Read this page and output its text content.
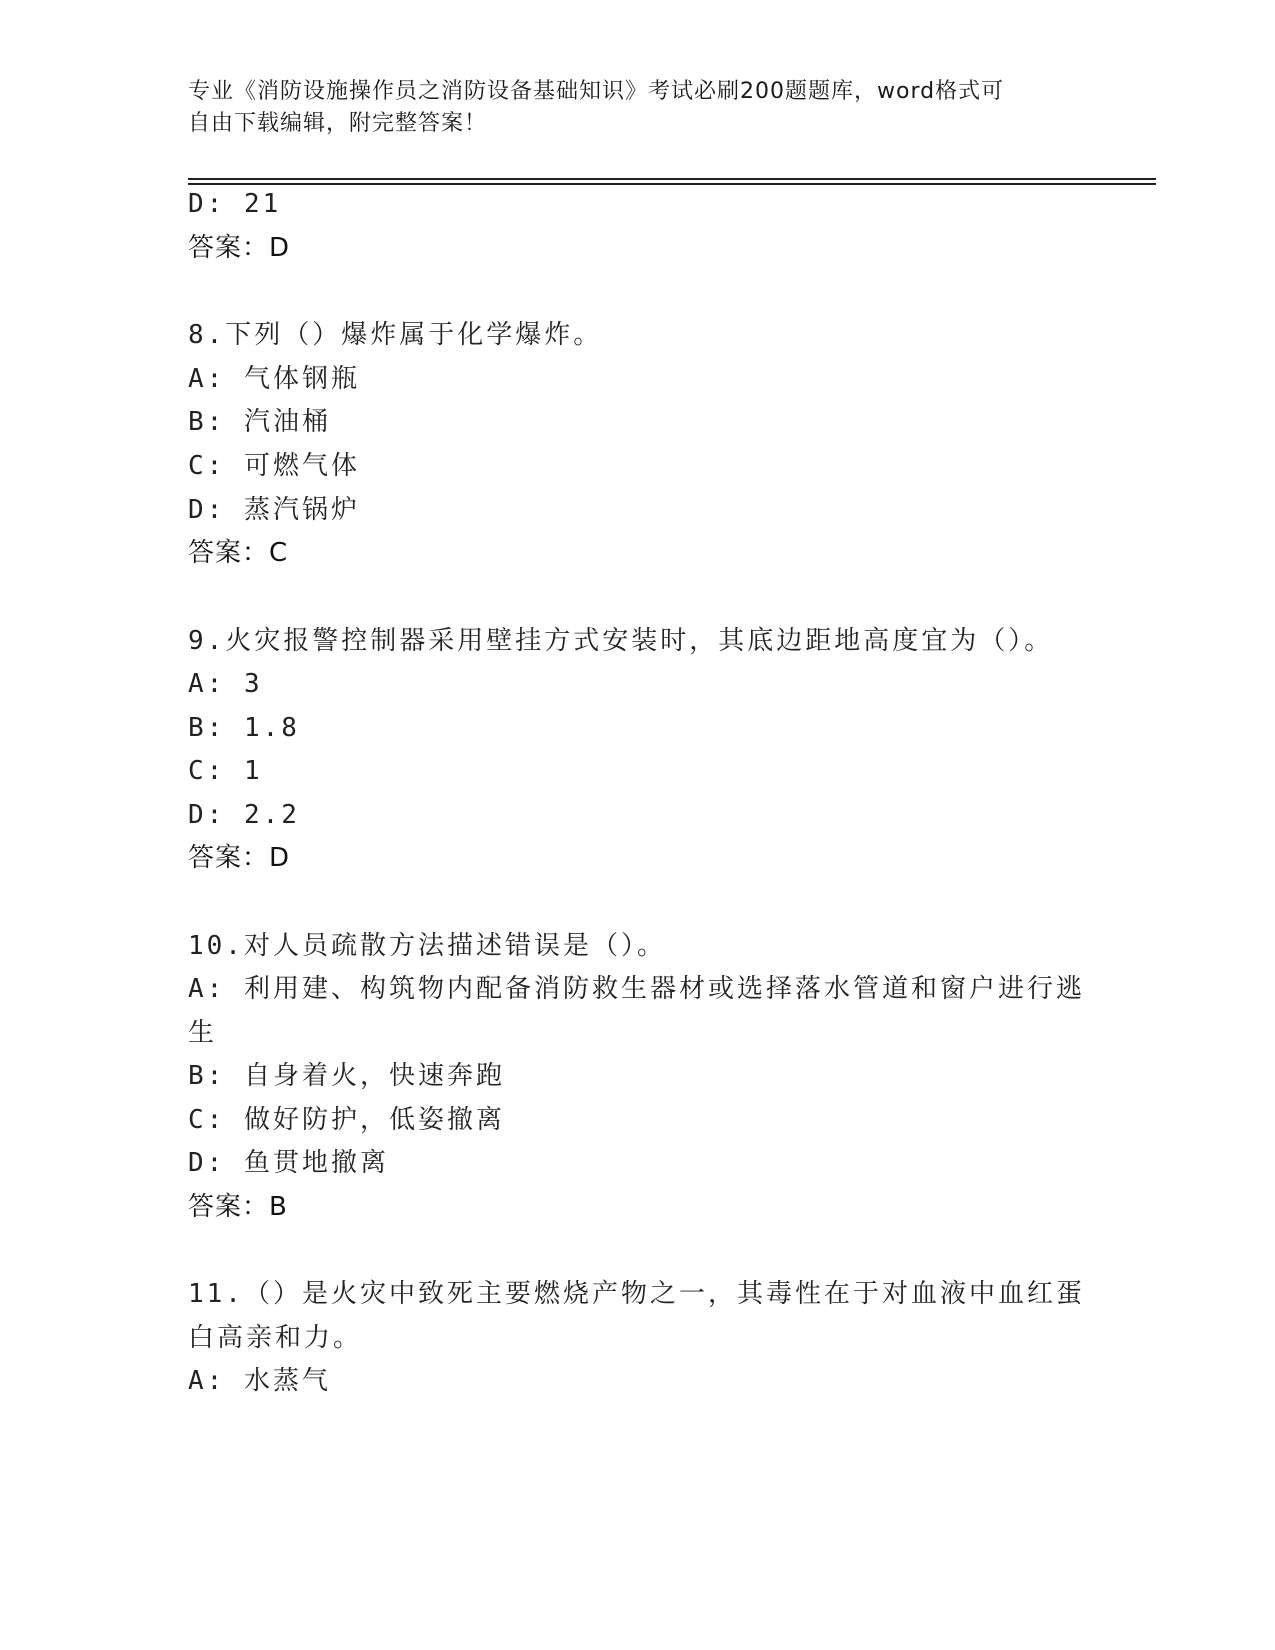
专业《消防设施操作员之消防设备基础知识》考试必刷200题题库，word格式可
自由下载编辑，附完整答案！
D: 21
答案：D
8.下列（）爆炸属于化学爆炸。
A: 气体钢瓶
B: 汽油桶
C: 可燃气体
D: 蒸汽锅炉
答案：C
9.火灾报警控制器采用壁挂方式安装时，其底边距地高度宜为（）。
A: 3
B: 1.8
C: 1
D: 2.2
答案：D
10.对人员疏散方法描述错误是（）。
A: 利用建、构筑物内配备消防救生器材或选择落水管道和窗户进行逃
生
B: 自身着火，快速奔跑
C: 做好防护，低姿撤离
D: 鱼贯地撤离
答案：B
11.（）是火灾中致死主要燃烧产物之一，其毒性在于对血液中血红蛋
白高亲和力。
A: 水蒸气
